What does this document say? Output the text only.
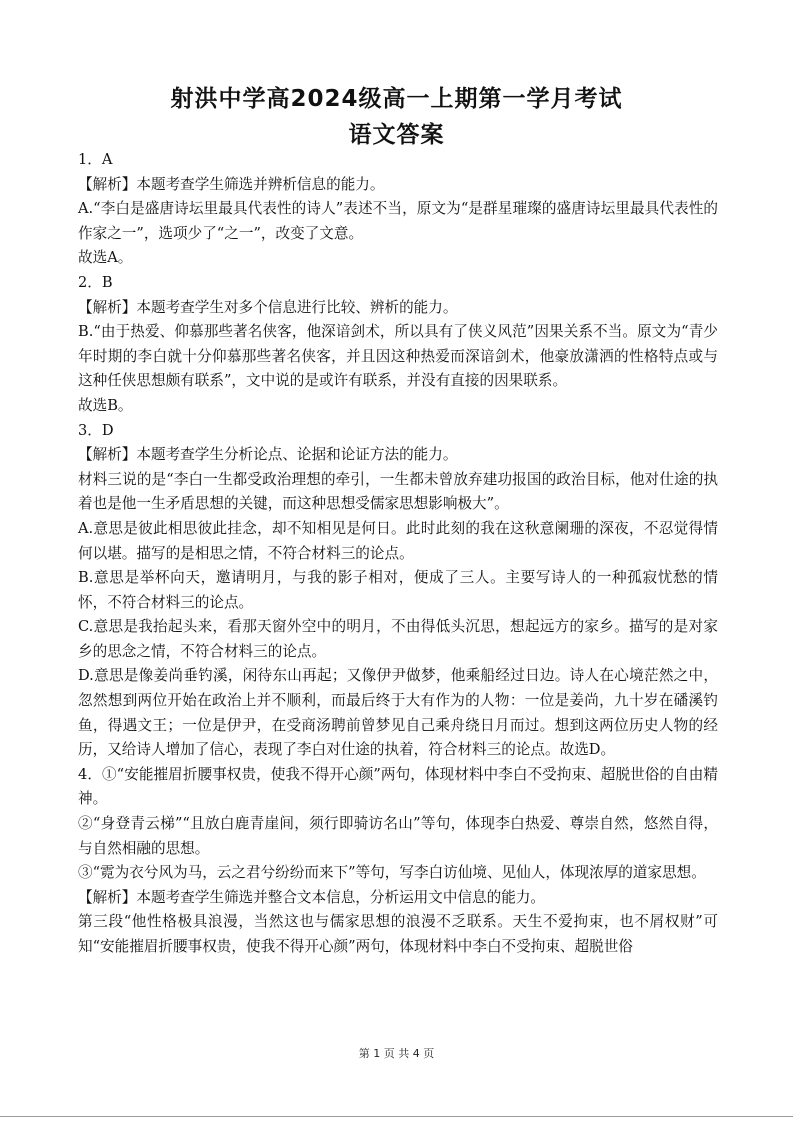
射洪中学高2024级高一上期第一学月考试
语文答案

1．A

【解析】本题考查学生筛选并辨析信息的能力。

A.“李白是盛唐诗坛里最具代表性的诗人”表述不当，原文为“是群星璀璨的盛唐诗坛里最具代表性的作家之一”，选项少了“之一”，改变了文意。

故选A。

2．B

【解析】本题考查学生对多个信息进行比较、辨析的能力。

B.“由于热爱、仰慕那些著名侠客，他深谙剑术，所以具有了侠义风范”因果关系不当。原文为“青少年时期的李白就十分仰慕那些著名侠客，并且因这种热爱而深谙剑术，他豪放潇洒的性格特点或与这种任侠思想颇有联系”，文中说的是或许有联系，并没有直接的因果联系。

故选B。

3．D

【解析】本题考查学生分析论点、论据和论证方法的能力。

材料三说的是“李白一生都受政治理想的牵引，一生都未曾放弃建功报国的政治目标，他对仕途的执着也是他一生矛盾思想的关键，而这种思想受儒家思想影响极大”。

A.意思是彼此相思彼此挂念，却不知相见是何日。此时此刻的我在这秋意阑珊的深夜，不忍觉得情何以堪。描写的是相思之情，不符合材料三的论点。

B.意思是举杯向天，邀请明月，与我的影子相对，便成了三人。主要写诗人的一种孤寂忧愁的情怀，不符合材料三的论点。

C.意思是我抬起头来，看那天窗外空中的明月，不由得低头沉思，想起远方的家乡。描写的是对家乡的思念之情，不符合材料三的论点。

D.意思是像姜尚垂钓溪，闲待东山再起；又像伊尹做梦，他乘船经过日边。诗人在心境茫然之中，忽然想到两位开始在政治上并不顺利，而最后终于大有作为的人物：一位是姜尚，九十岁在磻溪钓鱼，得遇文王；一位是伊尹，在受商汤聘前曾梦见自己乘舟绕日月而过。想到这两位历史人物的经历，又给诗人增加了信心，表现了李白对仕途的执着，符合材料三的论点。故选D。

4．①“安能摧眉折腰事权贵，使我不得开心颜”两句，体现材料中李白不受拘束、超脱世俗的自由精神。

②“身登青云梯”“且放白鹿青崖间，须行即骑访名山”等句，体现李白热爱、尊崇自然，悠然自得，与自然相融的思想。

③“霓为衣兮风为马，云之君兮纷纷而来下”等句，写李白访仙境、见仙人，体现浓厚的道家思想。

【解析】本题考查学生筛选并整合文本信息，分析运用文中信息的能力。

第三段“他性格极具浪漫，当然这也与儒家思想的浪漫不乏联系。天生不爱拘束，也不屑权财”可知“安能摧眉折腰事权贵，使我不得开心颜”两句，体现材料中李白不受拘束、超脱世俗

第 1 页 共 4 页
